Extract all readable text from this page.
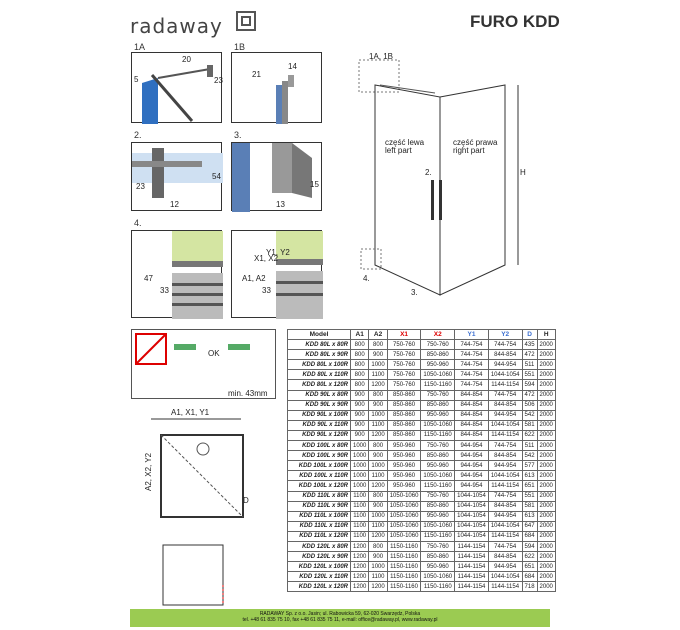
radaway	FURO KDD
1A
20
5	23
1B
14
21
2.
54
23
12
3.
15
13
4.
47
33
A1, A2
X1, X2
Y1, Y2
33
1A, 1B
część lewa
left part
część prawa
right part
2.	H
4.
3.
OK
min. 43mm
A1, X1, Y1
A2, X2, Y2
D
Model	A1	A2	X1	X2	Y1	Y2	D	H
KDD 80L x 80R	800	800	750-760	750-760	744-754	744-754	435	2000
KDD 80L x 90R	800	900	750-760	850-860	744-754	844-854	472	2000
KDD 80L x 100R	800	1000	750-760	950-960	744-754	944-954	511	2000
KDD 80L x 110R	800	1100	750-760	1050-1060	744-754	1044-1054	551	2000
KDD 80L x 120R	800	1200	750-760	1150-1160	744-754	1144-1154	594	2000
KDD 90L x 80R	900	800	850-860	750-760	844-854	744-754	472	2000
KDD 90L x 90R	900	900	850-860	850-860	844-854	844-854	506	2000
KDD 90L x 100R	900	1000	850-860	950-960	844-854	944-954	542	2000
KDD 90L x 110R	900	1100	850-860	1050-1060	844-854	1044-1054	581	2000
KDD 90L x 120R	900	1200	850-860	1150-1160	844-854	1144-1154	622	2000
KDD 100L x 80R	1000	800	950-960	750-760	944-954	744-754	511	2000
KDD 100L x 90R	1000	900	950-960	850-860	944-954	844-854	542	2000
KDD 100L x 100R	1000	1000	950-960	950-960	944-954	944-954	577	2000
KDD 100L x 110R	1000	1100	950-960	1050-1060	944-954	1044-1054	613	2000
KDD 100L x 120R	1000	1200	950-960	1150-1160	944-954	1144-1154	651	2000
KDD 110L x 80R	1100	800	1050-1060	750-760	1044-1054	744-754	551	2000
KDD 110L x 90R	1100	900	1050-1060	850-860	1044-1054	844-854	581	2000
KDD 110L x 100R	1100	1000	1050-1060	950-960	1044-1054	944-954	613	2000
KDD 110L x 110R	1100	1100	1050-1060	1050-1060	1044-1054	1044-1054	647	2000
KDD 110L x 120R	1100	1200	1050-1060	1150-1160	1044-1054	1144-1154	684	2000
KDD 120L x 80R	1200	800	1150-1160	750-760	1144-1154	744-754	594	2000
KDD 120L x 90R	1200	900	1150-1160	850-860	1144-1154	844-854	622	2000
KDD 120L x 100R	1200	1000	1150-1160	950-960	1144-1154	944-954	651	2000
KDD 120L x 110R	1200	1100	1150-1160	1050-1060	1144-1154	1044-1054	684	2000
KDD 120L x 120R	1200	1200	1150-1160	1150-1160	1144-1154	1144-1154	718	2000
RADAWAY Sp. z o.o. Jasin; ul. Rabowicka 59, 62-020 Swarzędz, Polska
tel. +48 61 835 75 10, fax +48 61 835 75 11, e-mail: office@radaway.pl, www.radaway.pl
